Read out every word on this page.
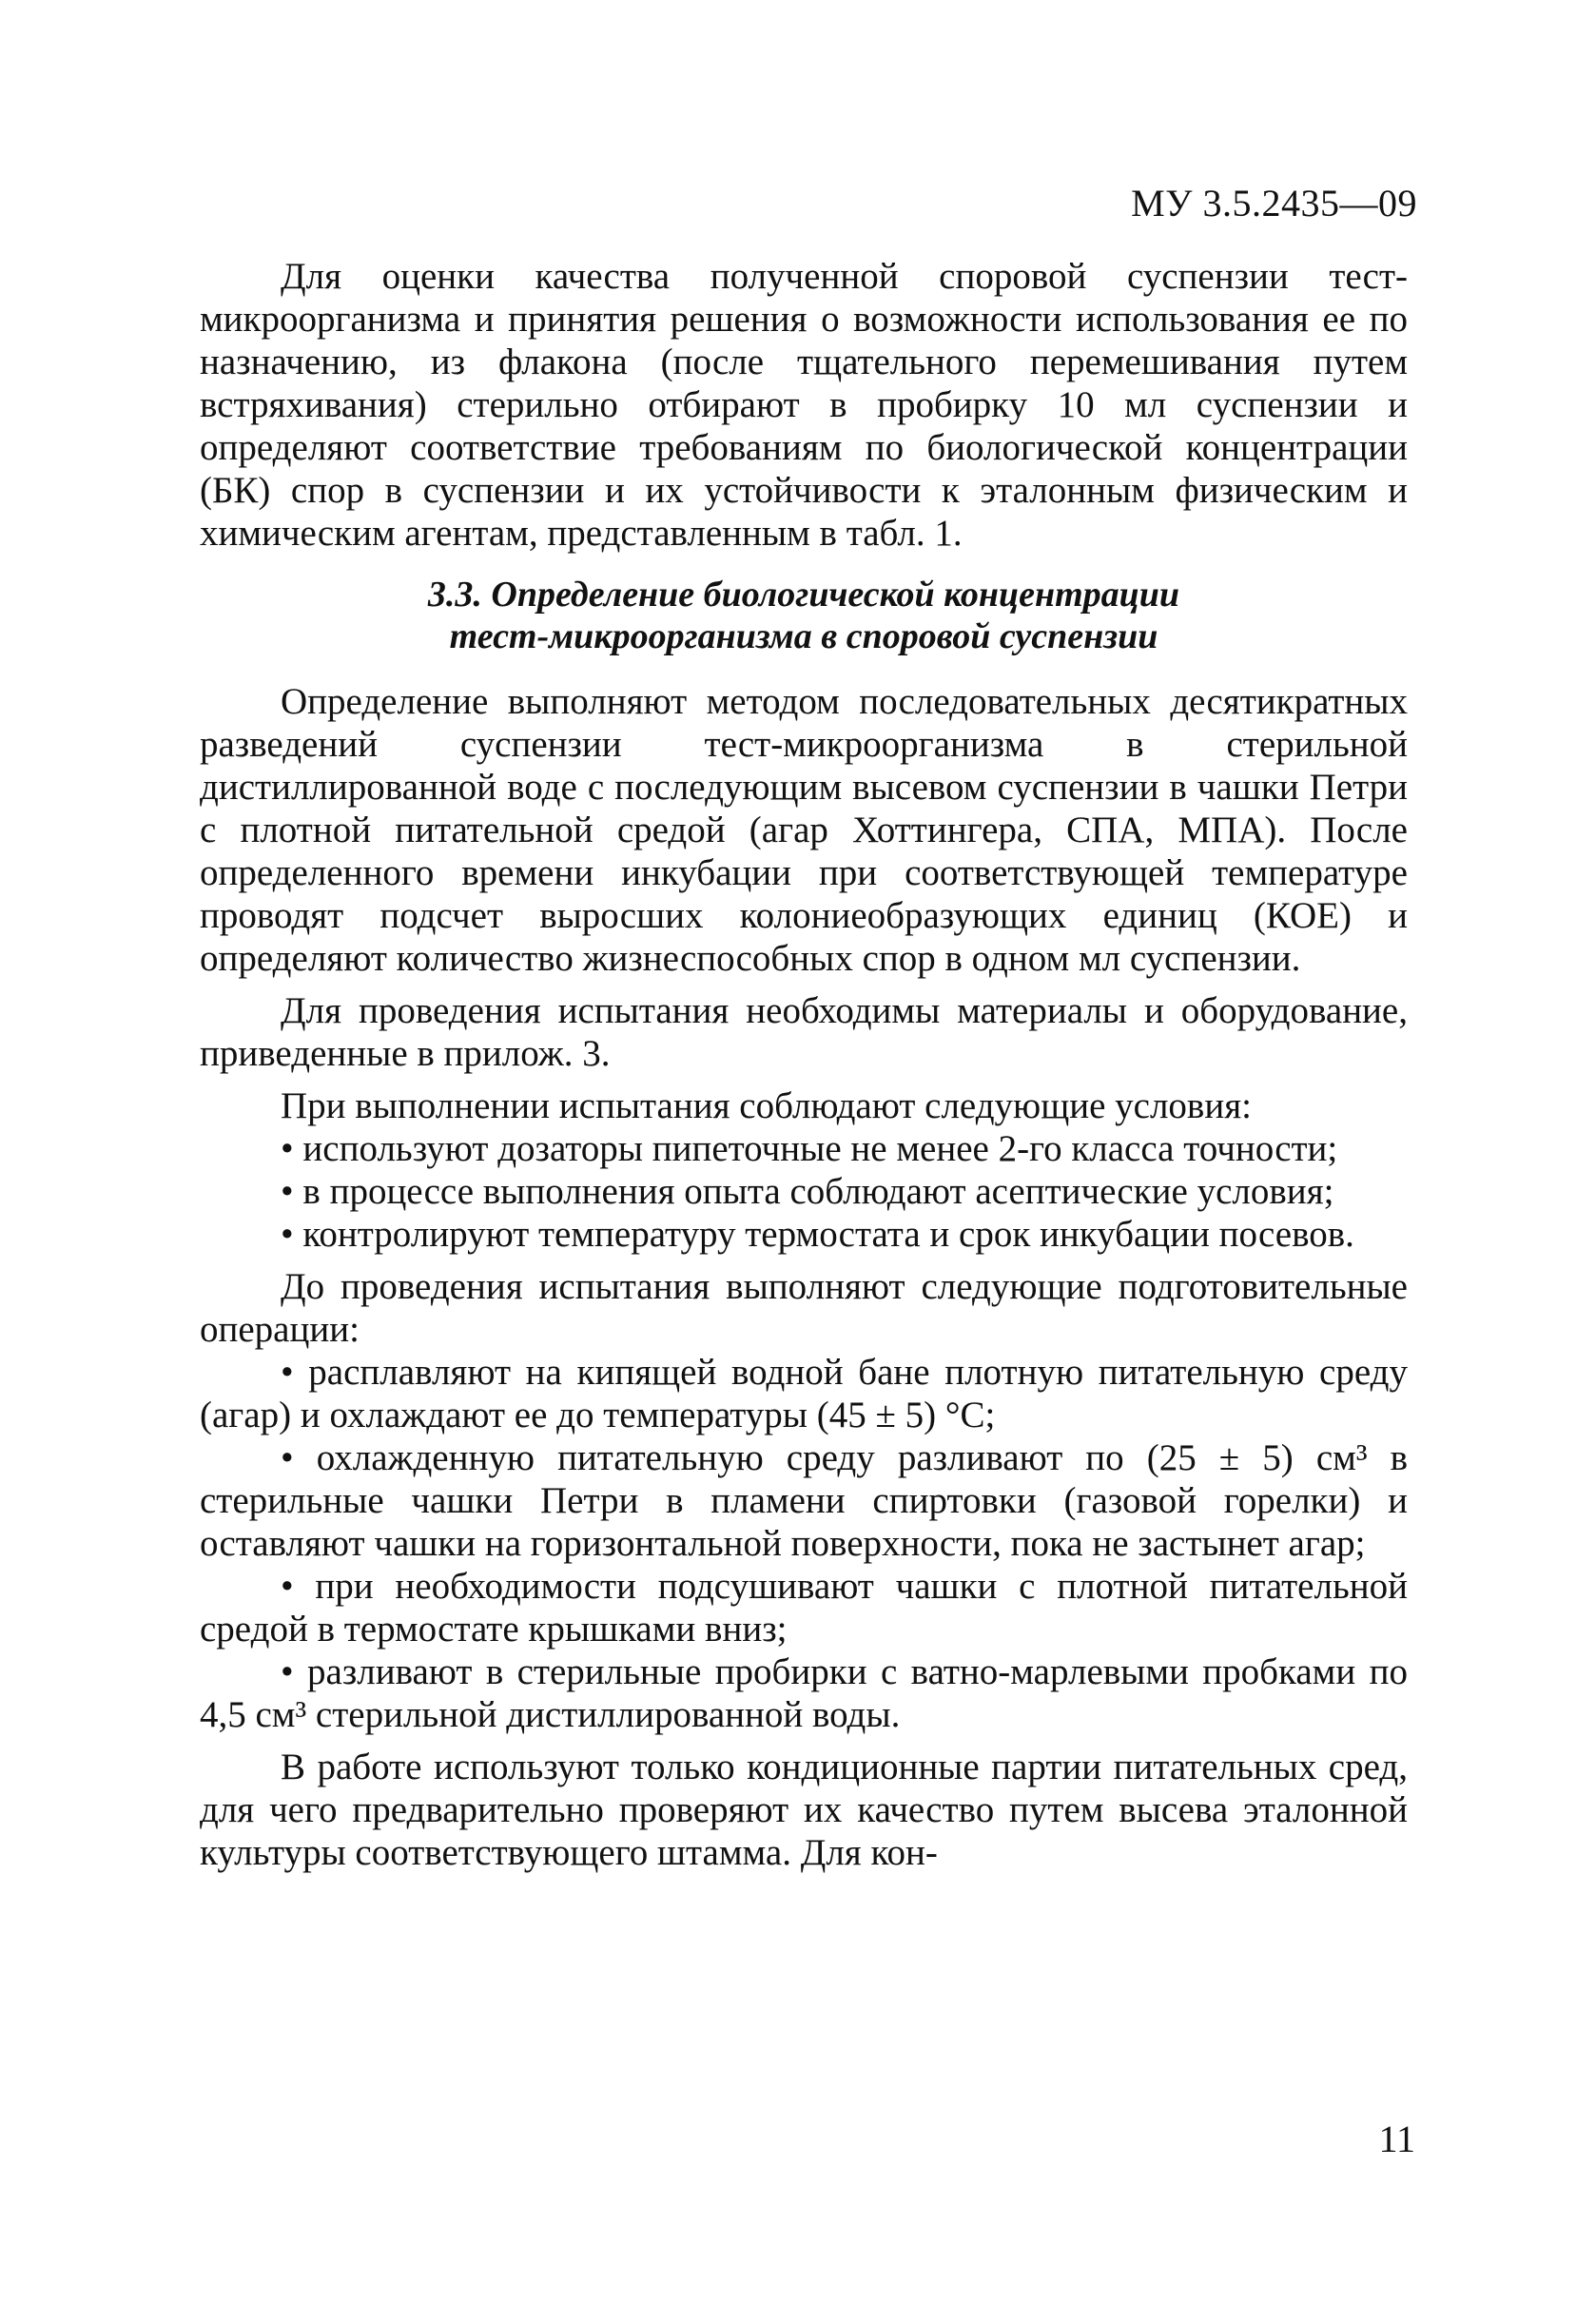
МУ 3.5.2435—09

Для оценки качества полученной споровой суспензии тест-микроорганизма и принятия решения о возможности использования ее по назначению, из флакона (после тщательного перемешивания путем встряхивания) стерильно отбирают в пробирку 10 мл суспензии и определяют соответствие требованиям по биологической концентрации (БК) спор в суспензии и их устойчивости к эталонным физическим и химическим агентам, представленным в табл. 1.

3.3. Определение биологической концентрации
тест-микроорганизма в споровой суспензии

Определение выполняют методом последовательных десятикратных разведений суспензии тест-микроорганизма в стерильной дистиллированной воде с последующим высевом суспензии в чашки Петри с плотной питательной средой (агар Хоттингера, СПА, МПА). После определенного времени инкубации при соответствующей температуре проводят подсчет выросших колониеобразующих единиц (КОЕ) и определяют количество жизнеспособных спор в одном мл суспензии.

Для проведения испытания необходимы материалы и оборудование, приведенные в прилож. 3.

При выполнении испытания соблюдают следующие условия:

• используют дозаторы пипеточные не менее 2-го класса точности;

• в процессе выполнения опыта соблюдают асептические условия;

• контролируют температуру термостата и срок инкубации посевов.

До проведения испытания выполняют следующие подготовительные операции:

• расплавляют на кипящей водной бане плотную питательную среду (агар) и охлаждают ее до температуры (45 ± 5) °С;

• охлажденную питательную среду разливают по (25 ± 5) см³ в стерильные чашки Петри в пламени спиртовки (газовой горелки) и оставляют чашки на горизонтальной поверхности, пока не застынет агар;

• при необходимости подсушивают чашки с плотной питательной средой в термостате крышками вниз;

• разливают в стерильные пробирки с ватно-марлевыми пробками по 4,5 см³ стерильной дистиллированной воды.

В работе используют только кондиционные партии питательных сред, для чего предварительно проверяют их качество путем высева эталонной культуры соответствующего штамма. Для кон-

11
